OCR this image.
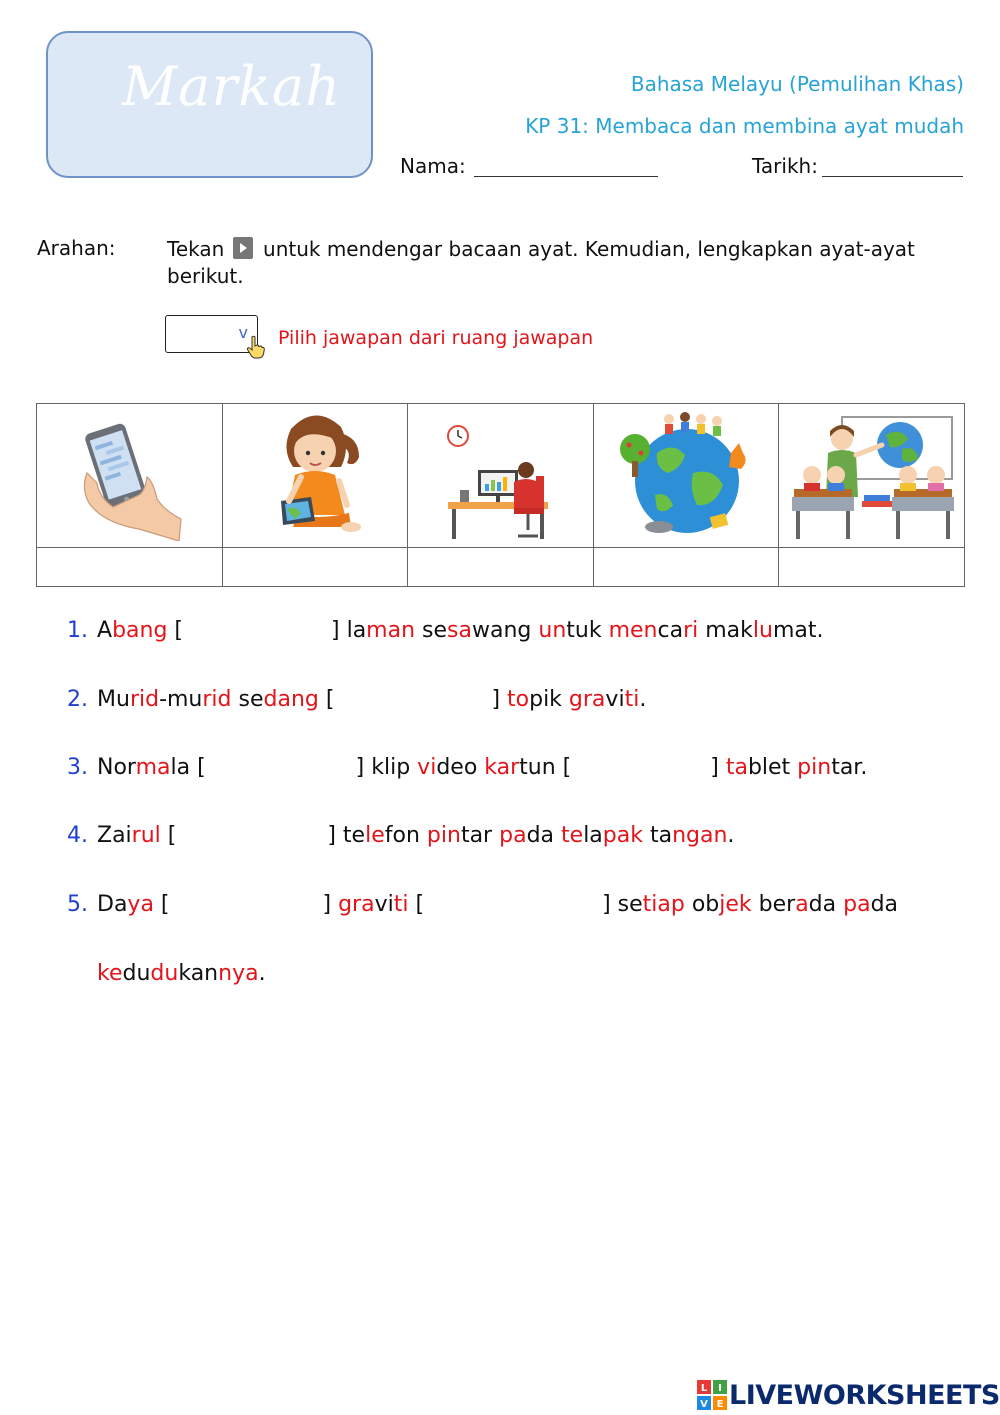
Markah	Bahasa Melayu (Pemulihan Khas)
KP 31: Membaca dan membina ayat mudah
Nama:	Tarikh:
Arahan:	Tekan untuk mendengar bacaan ayat. Kemudian, lengkapkan ayat-ayat berikut.
v Pilih jawapan dari ruang jawapan

1. Abang [	] laman sesawang untuk mencari maklumat.
2. Murid-murid sedang [	] topik graviti.
3. Normala [	] klip video kartun [	] tablet pintar.
4. Zairul [	] telefon pintar pada telapak tangan.
5. Daya [	] graviti [	] setiap objek berada pada
kedudukannya.
L I
V E LIVEWORKSHEETS
